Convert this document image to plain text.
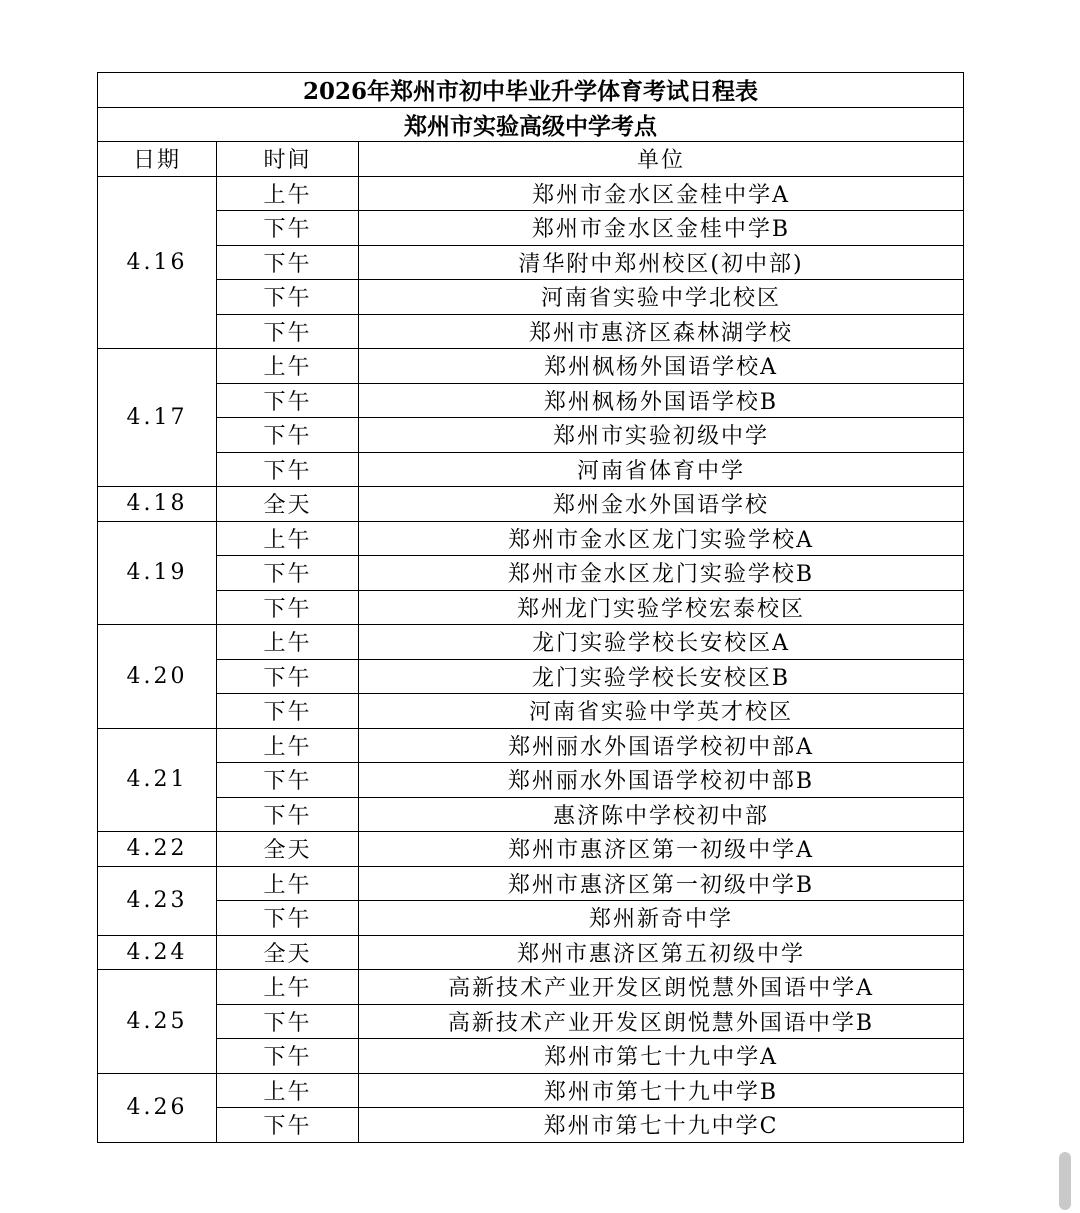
2026年郑州市初中毕业升学体育考试日程表		
郑州市实验高级中学考点		
日期	时间	单位
4.16	上午	郑州市金水区金桂中学A
	下午	郑州市金水区金桂中学B
	下午	清华附中郑州校区(初中部)
	下午	河南省实验中学北校区
	下午	郑州市惠济区森林湖学校
4.17	上午	郑州枫杨外国语学校A
	下午	郑州枫杨外国语学校B
	下午	郑州市实验初级中学
	下午	河南省体育中学
4.18	全天	郑州金水外国语学校
4.19	上午	郑州市金水区龙门实验学校A
	下午	郑州市金水区龙门实验学校B
	下午	郑州龙门实验学校宏泰校区
4.20	上午	龙门实验学校长安校区A
	下午	龙门实验学校长安校区B
	下午	河南省实验中学英才校区
4.21	上午	郑州丽水外国语学校初中部A
	下午	郑州丽水外国语学校初中部B
	下午	惠济陈中学校初中部
4.22	全天	郑州市惠济区第一初级中学A
4.23	上午	郑州市惠济区第一初级中学B
	下午	郑州新奇中学
4.24	全天	郑州市惠济区第五初级中学
4.25	上午	高新技术产业开发区朗悦慧外国语中学A
	下午	高新技术产业开发区朗悦慧外国语中学B
	下午	郑州市第七十九中学A
4.26	上午	郑州市第七十九中学B
	下午	郑州市第七十九中学C
